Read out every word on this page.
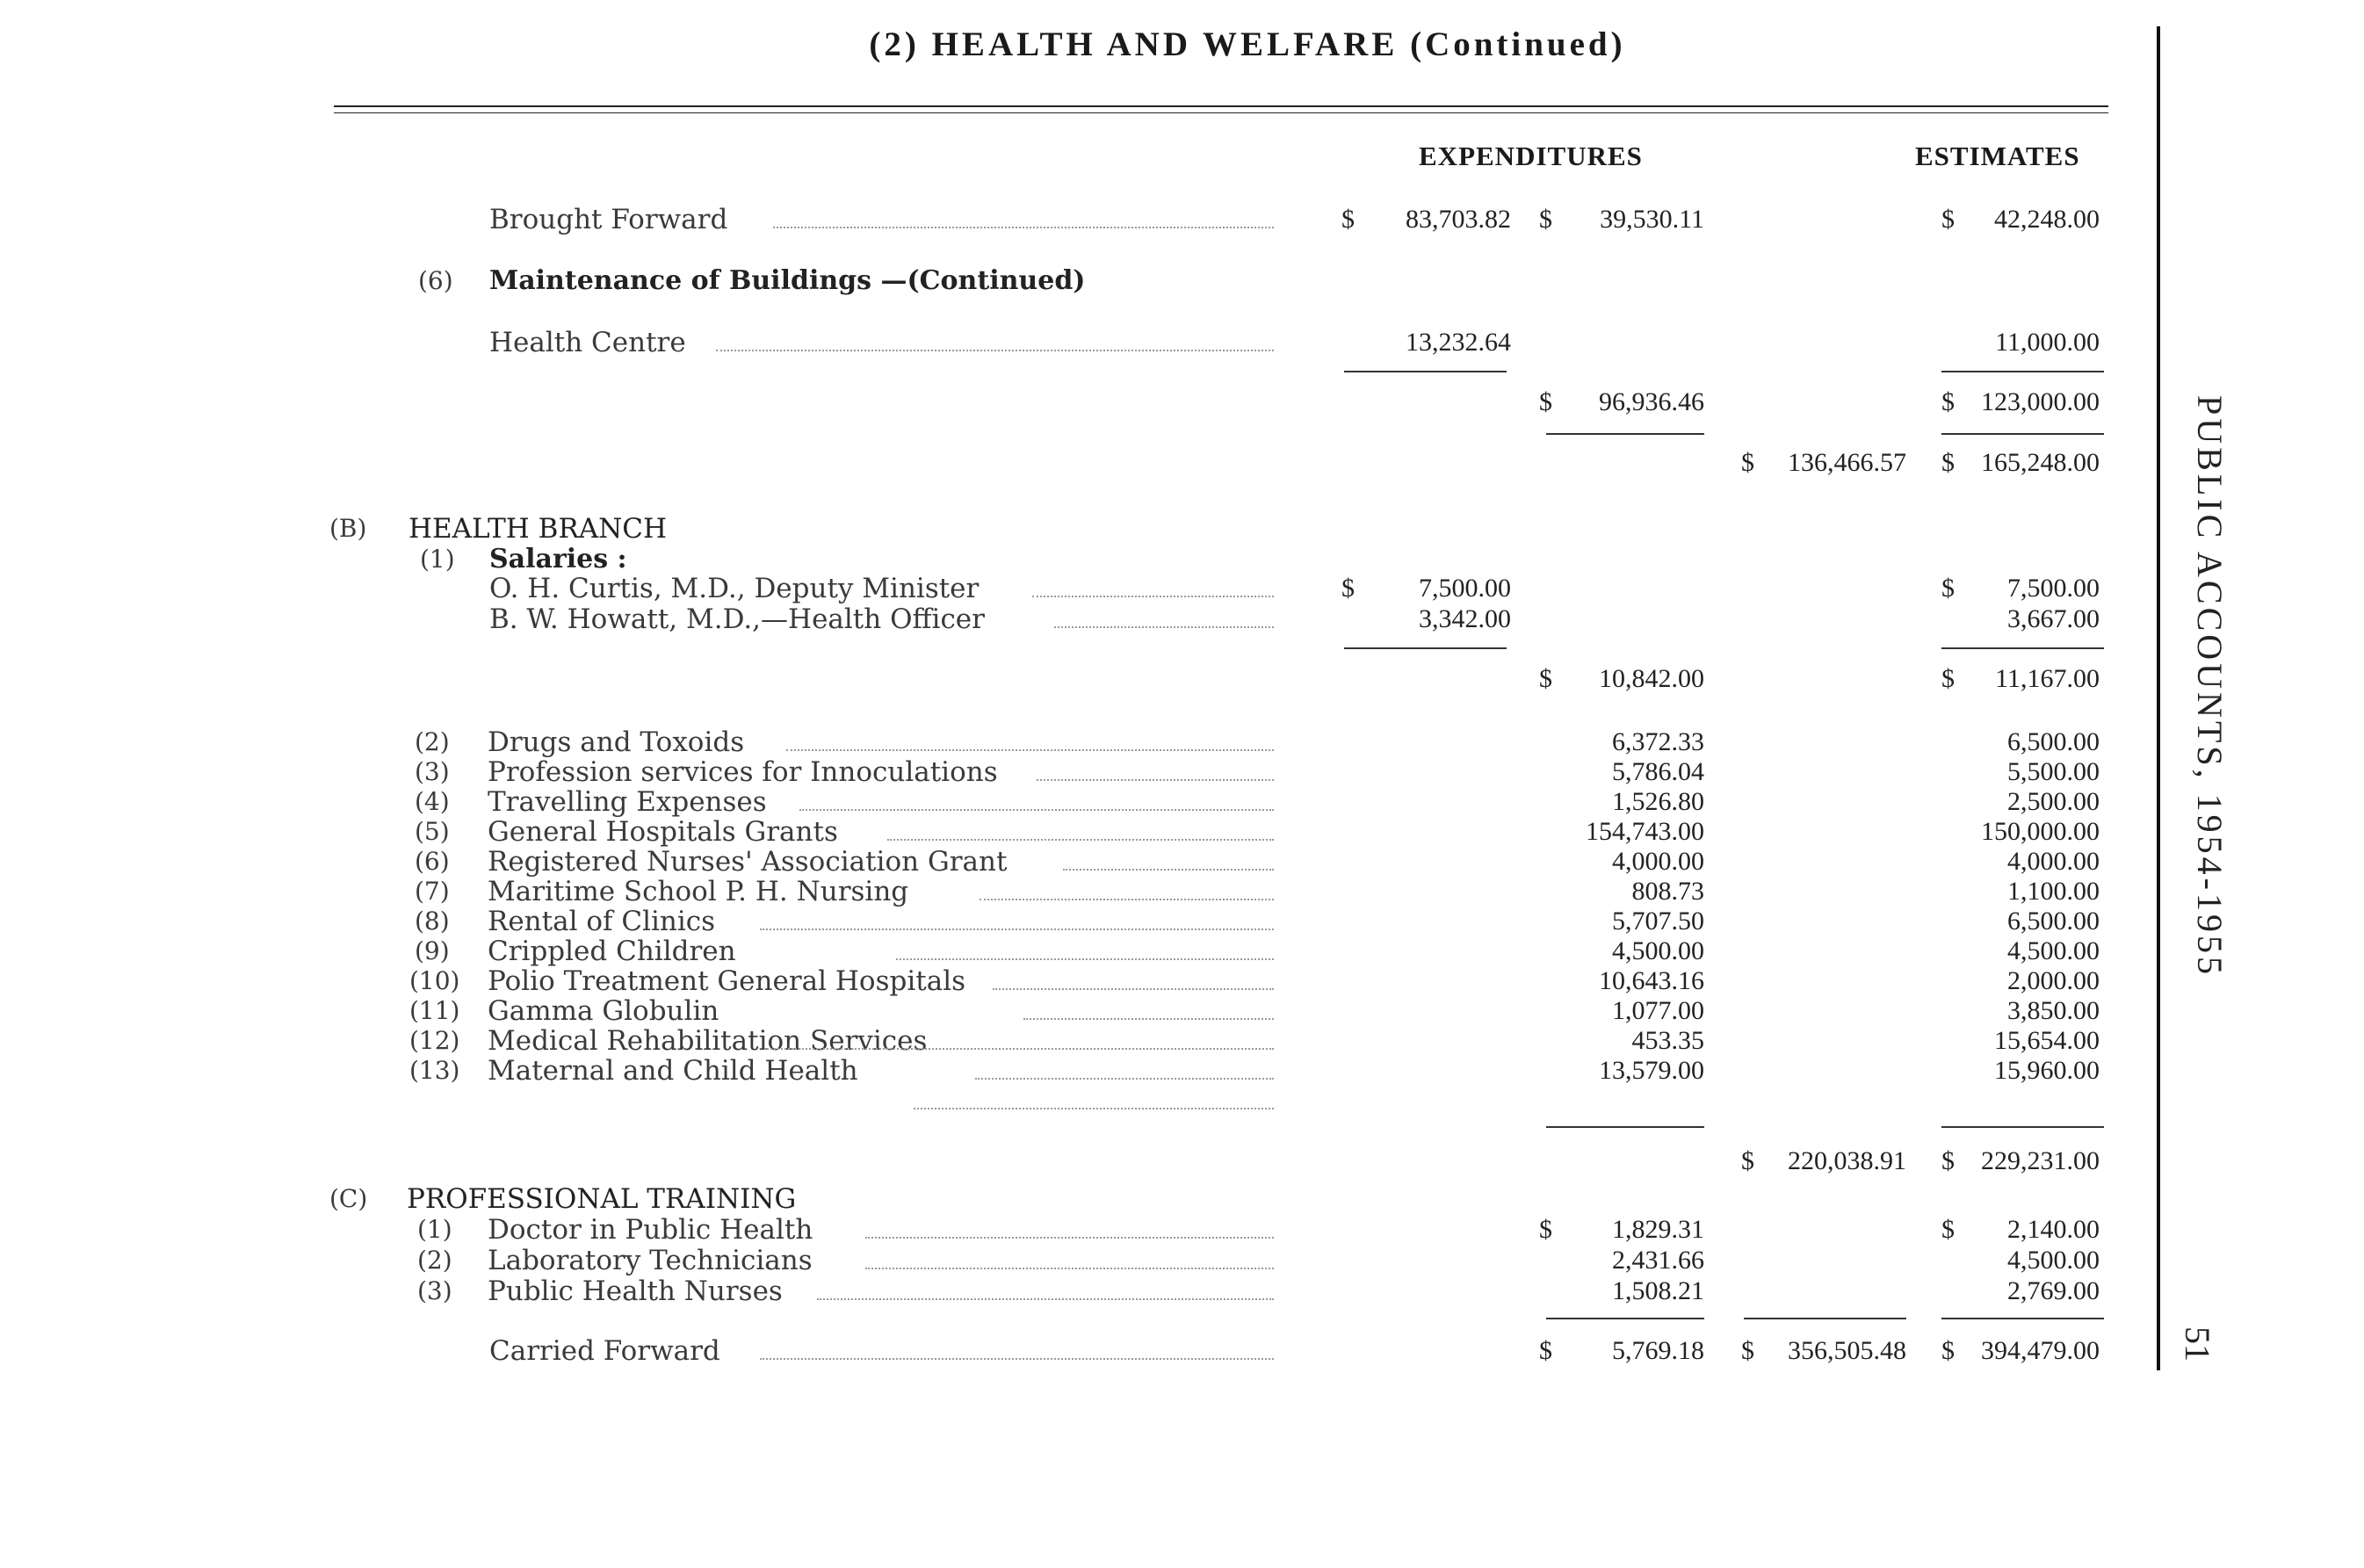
(2) HEALTH AND WELFARE (Continued)
EXPENDITURES	ESTIMATES
Brought Forward	$	83,703.82 $	39,530.11	$	42,248.00
(6) Maintenance of Buildings —(Continued)
Health Centre	13,232.64	11,000.00
$	96,936.46	$	123,000.00
$	136,466.57 $	165,248.00
(B) HEALTH BRANCH
(1) Salaries :
O. H. Curtis, M.D., Deputy Minister	$	7,500.00	$	7,500.00
B. W. Howatt, M.D.,—Health Officer	3,342.00	3,667.00
$	10,842.00	$	11,167.00
(2) Drugs and Toxoids	6,372.33	6,500.00
(3) Profession services for Innoculations	5,786.04	5,500.00
(4) Travelling Expenses	1,526.80	2,500.00
(5) General Hospitals Grants	154,743.00	150,000.00
(6) Registered Nurses' Association Grant	4,000.00	4,000.00
(7) Maritime School P. H. Nursing	808.73	1,100.00
(8) Rental of Clinics	5,707.50	6,500.00
(9) Crippled Children	4,500.00	4,500.00
(10) Polio Treatment General Hospitals	10,643.16	2,000.00
(11) Gamma Globulin	1,077.00	3,850.00
(12) Medical Rehabilitation Services	453.35	15,654.00
(13) Maternal and Child Health	13,579.00	15,960.00
$	220,038.91 $	229,231.00
(C) PROFESSIONAL TRAINING
(1) Doctor in Public Health	$	1,829.31	$	2,140.00
(2) Laboratory Technicians	2,431.66	4,500.00
(3) Public Health Nurses	1,508.21	2,769.00
Carried Forward	$	5,769.18 $	356,505.48 $	394,479.00
PUBLIC ACCOUNTS, 1954-1955
51
